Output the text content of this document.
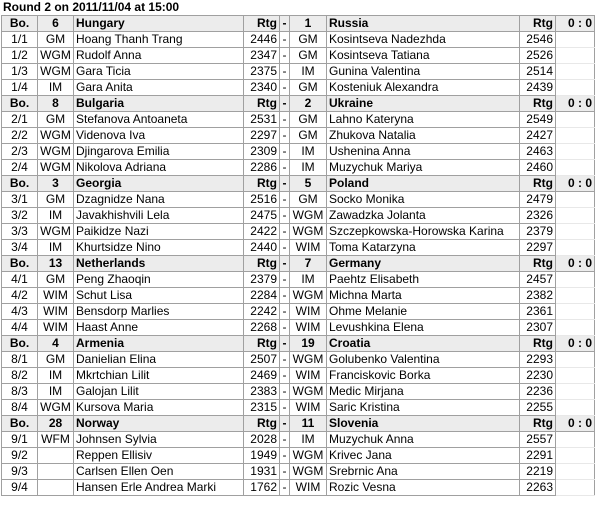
Round 2 on 2011/11/04 at 15:00
Bo.	6	Hungary	Rtg	-	1	Russia	Rtg	0 : 0
1/1	GM	Hoang Thanh Trang	2446	-	GM	Kosintseva Nadezhda	2546	
1/2	WGM	Rudolf Anna	2347	-	GM	Kosintseva Tatiana	2526	
1/3	WGM	Gara Ticia	2375	-	IM	Gunina Valentina	2514	
1/4	IM	Gara Anita	2340	-	GM	Kosteniuk Alexandra	2439	
Bo.	8	Bulgaria	Rtg	-	2	Ukraine	Rtg	0 : 0
2/1	GM	Stefanova Antoaneta	2531	-	GM	Lahno Kateryna	2549	
2/2	WGM	Videnova Iva	2297	-	GM	Zhukova Natalia	2427	
2/3	WGM	Djingarova Emilia	2309	-	IM	Ushenina Anna	2463	
2/4	WGM	Nikolova Adriana	2286	-	IM	Muzychuk Mariya	2460	
Bo.	3	Georgia	Rtg	-	5	Poland	Rtg	0 : 0
3/1	GM	Dzagnidze Nana	2516	-	GM	Socko Monika	2479	
3/2	IM	Javakhishvili Lela	2475	-	WGM	Zawadzka Jolanta	2326	
3/3	WGM	Paikidze Nazi	2422	-	WGM	Szczepkowska-Horowska Karina	2379	
3/4	IM	Khurtsidze Nino	2440	-	WIM	Toma Katarzyna	2297	
Bo.	13	Netherlands	Rtg	-	7	Germany	Rtg	0 : 0
4/1	GM	Peng Zhaoqin	2379	-	IM	Paehtz Elisabeth	2457	
4/2	WIM	Schut Lisa	2284	-	WGM	Michna Marta	2382	
4/3	WIM	Bensdorp Marlies	2242	-	WIM	Ohme Melanie	2361	
4/4	WIM	Haast Anne	2268	-	WIM	Levushkina Elena	2307	
Bo.	4	Armenia	Rtg	-	19	Croatia	Rtg	0 : 0
8/1	GM	Danielian Elina	2507	-	WGM	Golubenko Valentina	2293	
8/2	IM	Mkrtchian Lilit	2469	-	WIM	Franciskovic Borka	2230	
8/3	IM	Galojan Lilit	2383	-	WGM	Medic Mirjana	2236	
8/4	WGM	Kursova Maria	2315	-	WIM	Saric Kristina	2255	
Bo.	28	Norway	Rtg	-	11	Slovenia	Rtg	0 : 0
9/1	WFM	Johnsen Sylvia	2028	-	IM	Muzychuk Anna	2557	
9/2		Reppen Ellisiv	1949	-	WGM	Krivec Jana	2291	
9/3		Carlsen Ellen Oen	1931	-	WGM	Srebrnic Ana	2219	
9/4		Hansen Erle Andrea Marki	1762	-	WIM	Rozic Vesna	2263	
